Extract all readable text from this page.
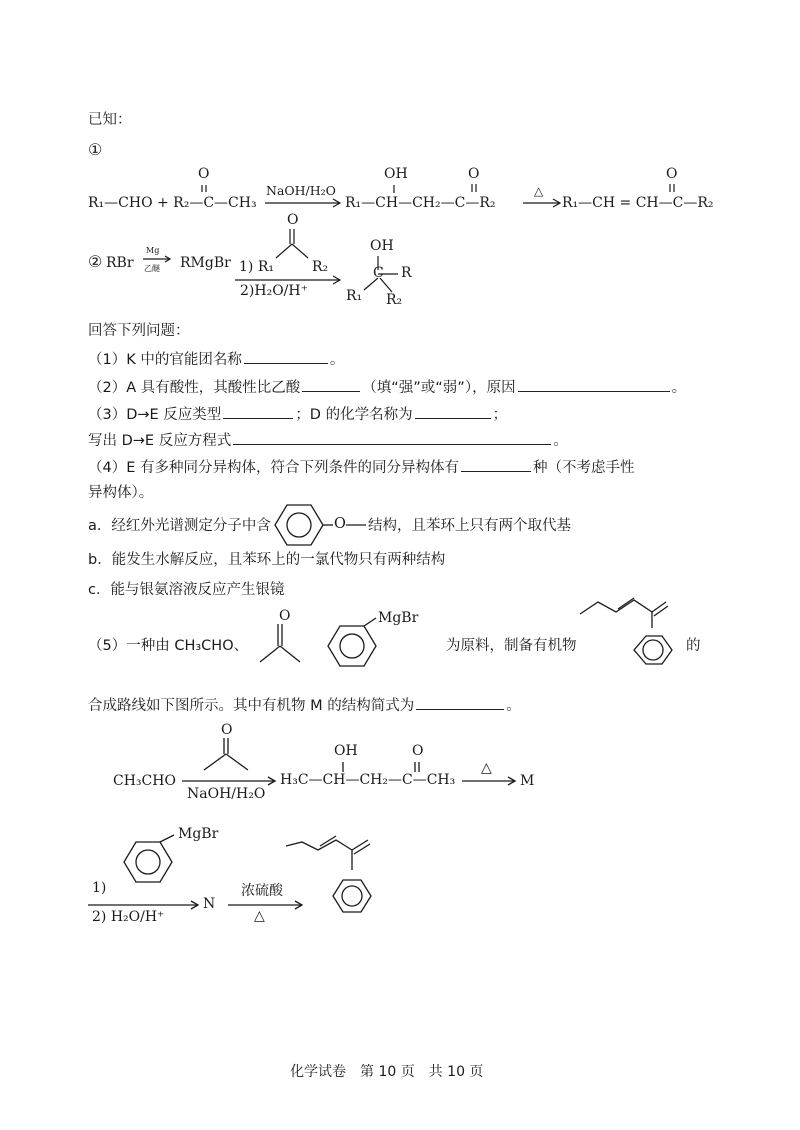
已知：
①
R₁—CHO + R₂—C—CH₃
O
NaOH/H₂O
R₁—CH—CH₂—C—R₂
OH	O
△
R₁—CH = CH—C—R₂
O
② RBr
Mg
乙醚 RMgBr
O
1) R₁	R₂
2)H₂O/H⁺
OH
C R
R₁ R₂
回答下列问题：
（1）K 中的官能团名称	。
（2）A 具有酸性，其酸性比乙酸	（填“强”或“弱”），原因	。
（3）D→E 反应类型	；D 的化学名称为	；
写出 D→E 反应方程式	。
（4）E 有多种同分异构体，符合下列条件的同分异构体有	种（不考虑手性
异构体）。
a．经红外光谱测定分子中含	O 结构，且苯环上只有两个取代基
b．能发生水解反应，且苯环上的一氯代物只有两种结构
c．能与银氨溶液反应产生银镜
（5）一种由 CH₃CHO、
O	MgBr
为原料，制备有机物	的
合成路线如下图所示。其中有机物 M 的结构简式为	。
CH₃CHO
O
NaOH/H₂O
OH	O
H₃C—CH—CH₂—C—CH₃
△
M
MgBr
1)
2) H₂O/H⁺
N
浓硫酸
△
化学试卷　第 10 页　共 10 页
